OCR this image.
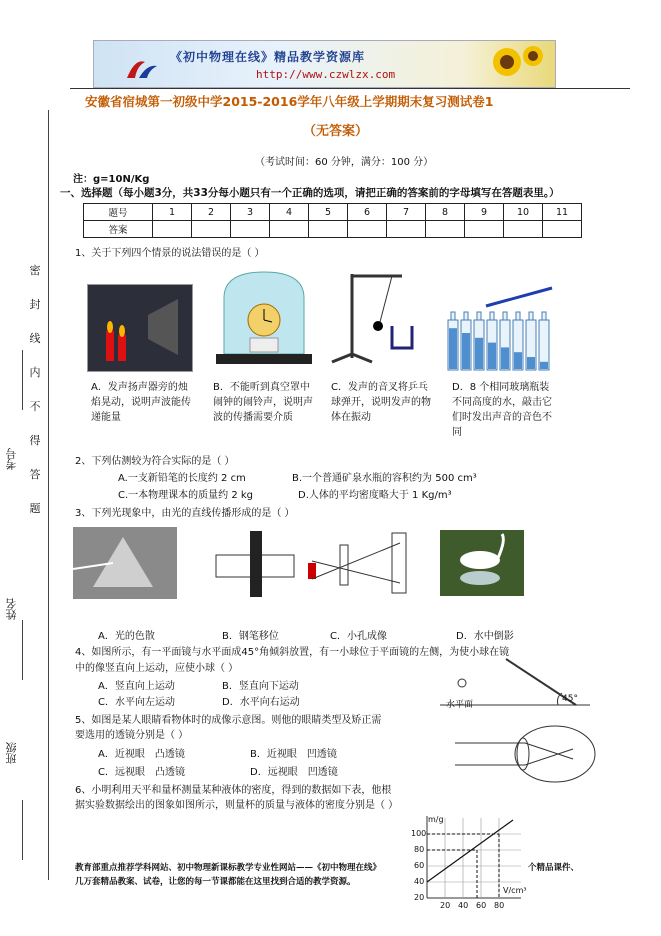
《初中物理在线》精品教学资源库
http://www.czwlzx.com
安徽省宿城第一初级中学2015-2016学年八年级上学期期末复习测试卷1
（无答案）
（考试时间：60 分钟，满分：100 分）
注：g=10N/Kg
密
封
线
内
不
得
答
题
考号
姓名
班级
一、选择题（每小题3分，共33分每小题只有一个正确的选项，请把正确的答案前的字母填写在答题表里。）
题号	1	2	3	4	5	6	7	8	9	10	11
答案											
1、关于下列四个情景的说法错误的是（ ）
A．发声扬声器旁的烛焰晃动，说明声波能传递能量
B．不能听到真空罩中闹钟的闹铃声，说明声波的传播需要介质
C．发声的音叉将乒乓球弹开，说明发声的物体在振动
D．8 个相同玻璃瓶装不同高度的水，敲击它们时发出声音的音色不同
2、下列估测较为符合实际的是（ ）
A.一支新铅笔的长度约 2 cm	B.一个普通矿泉水瓶的容积约为 500 cm³
C.一本物理课本的质量约 2 kg	D.人体的平均密度略大于 1 Kg/m³
3、下列光现象中，由光的直线传播形成的是（ ）
A．光的色散	B．钢笔移位	C．小孔成像	D．水中倒影
4、如图所示，有一平面镜与水平面成45°角倾斜放置，有一小球位于平面镜的左侧，为使小球在镜
中的像竖直向上运动，应使小球（ ）
A．竖直向上运动	B．竖直向下运动
C．水平向左运动	D．水平向右运动	水平面
45°
5、如图是某人眼睛看物体时的成像示意图。则他的眼睛类型及矫正需
要选用的透镜分别是（ ）
A．近视眼　凸透镜	B．近视眼　凹透镜
C．远视眼　凸透镜	D．远视眼　凹透镜
6、小明利用天平和量杯测量某种液体的密度，得到的数据如下表，他根
据实验数据绘出的图象如图所示，则量杯的质量与液体的密度分别是（ ）
m/g
V/cm³
100
80
60
40
20
20 40 60 80
教育部重点推荐学科网站、初中物理新课标教学专业性网站——《初中物理在线》	个精品课件、
几万套精品教案、试卷，让您的每一节课都能在这里找到合适的教学资源。
